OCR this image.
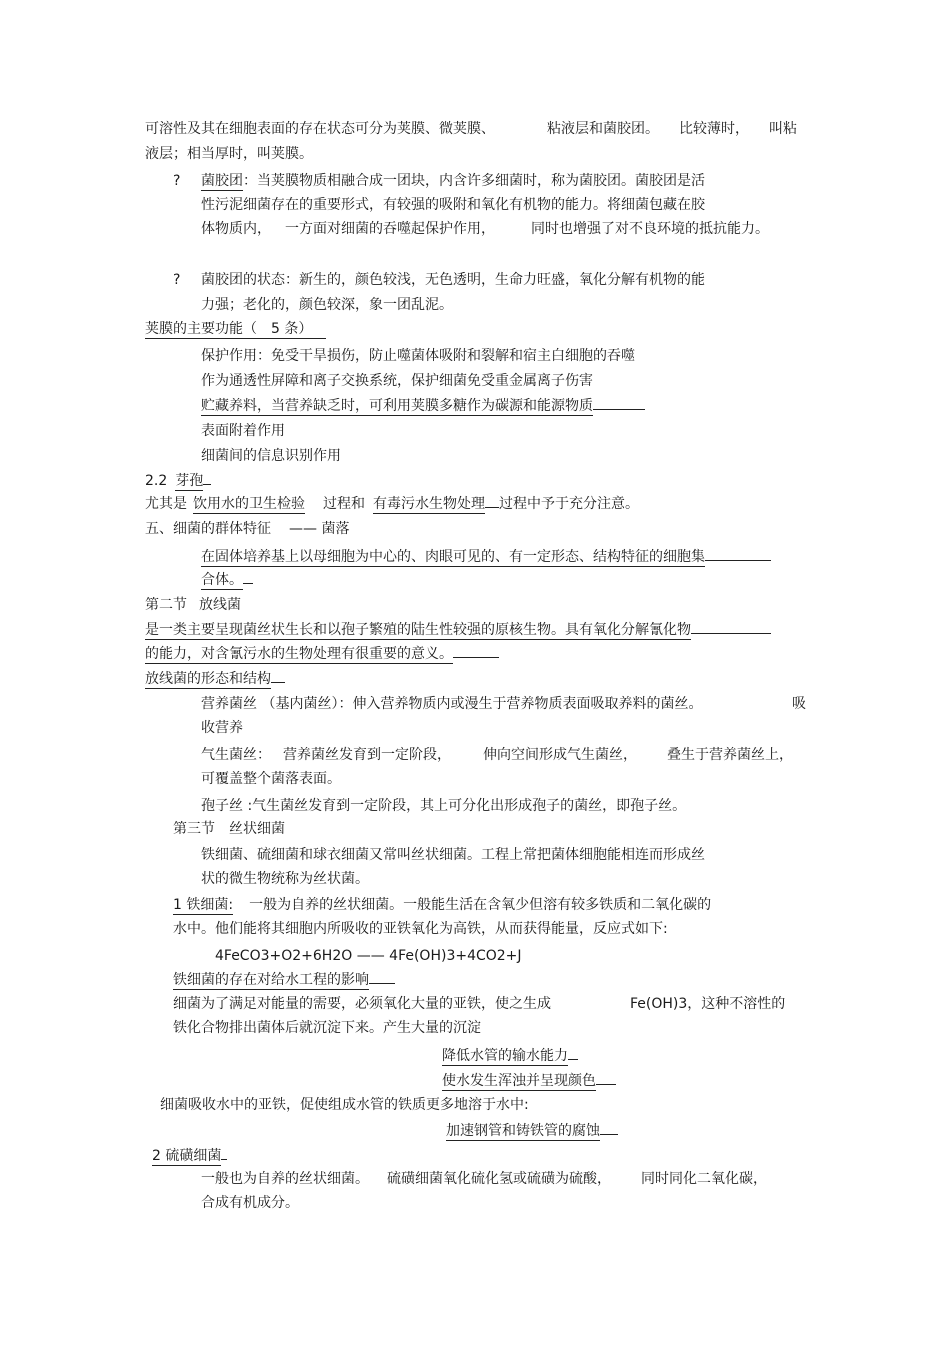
可溶性及其在细胞表面的存在状态可分为荚膜、微荚膜、	粘液层和菌胶团。 比较薄时， 叫粘
液层；相当厚时，叫荚膜。
? 菌胶团：当荚膜物质相融合成一团块，内含许多细菌时，称为菌胶团。菌胶团是活
性污泥细菌存在的重要形式，有较强的吸附和氧化有机物的能力。将细菌包藏在胶
体物质内， 一方面对细菌的吞噬起保护作用，	同时也增强了对不良环境的抵抗能力。
? 菌胶团的状态：新生的，颜色较浅，无色透明，生命力旺盛，氧化分解有机物的能
力强；老化的，颜色较深，象一团乱泥。
荚膜的主要功能（ 5 条）
保护作用：免受干旱损伤，防止噬菌体吸附和裂解和宿主白细胞的吞噬
作为通透性屏障和离子交换系统，保护细菌免受重金属离子伤害
贮藏养料，当营养缺乏时，可利用荚膜多糖作为碳源和能源物质
表面附着作用
细菌间的信息识别作用
2.2 芽孢
尤其是 饮用水的卫生检验 过程和 有毒污水生物处理 过程中予于充分注意。
五、细菌的群体特征 —— 菌落
在固体培养基上以母细胞为中心的、肉眼可见的、有一定形态、结构特征的细胞集
合体。
第二节 放线菌
是一类主要呈现菌丝状生长和以孢子繁殖的陆生性较强的原核生物。具有氧化分解氰化物
的能力，对含氰污水的生物处理有很重要的意义。
放线菌的形态和结构
营养菌丝 （基内菌丝）：伸入营养物质内或漫生于营养物质表面吸取养料的菌丝。	吸
收营养
气生菌丝： 营养菌丝发育到一定阶段， 伸向空间形成气生菌丝， 叠生于营养菌丝上，
可覆盖整个菌落表面。
孢子丝 :气生菌丝发育到一定阶段，其上可分化出形成孢子的菌丝，即孢子丝。
第三节 丝状细菌
铁细菌、硫细菌和球衣细菌又常叫丝状细菌。工程上常把菌体细胞能相连而形成丝
状的微生物统称为丝状菌。
1 铁细菌: 一般为自养的丝状细菌。一般能生活在含氧少但溶有较多铁质和二氧化碳的
水中。他们能将其细胞内所吸收的亚铁氧化为高铁，从而获得能量，反应式如下:
4FeCO3+O2+6H2O —— 4Fe(OH)3+4CO2+J
铁细菌的存在对给水工程的影响
细菌为了满足对能量的需要，必须氧化大量的亚铁，使之生成	Fe(OH)3，这种不溶性的
铁化合物排出菌体后就沉淀下来。产生大量的沉淀
降低水管的输水能力
使水发生浑浊并呈现颜色
细菌吸收水中的亚铁，促使组成水管的铁质更多地溶于水中:
加速钢管和铸铁管的腐蚀
2 硫磺细菌
一般也为自养的丝状细菌。 硫磺细菌氧化硫化氢或硫磺为硫酸， 同时同化二氧化碳，
合成有机成分。
